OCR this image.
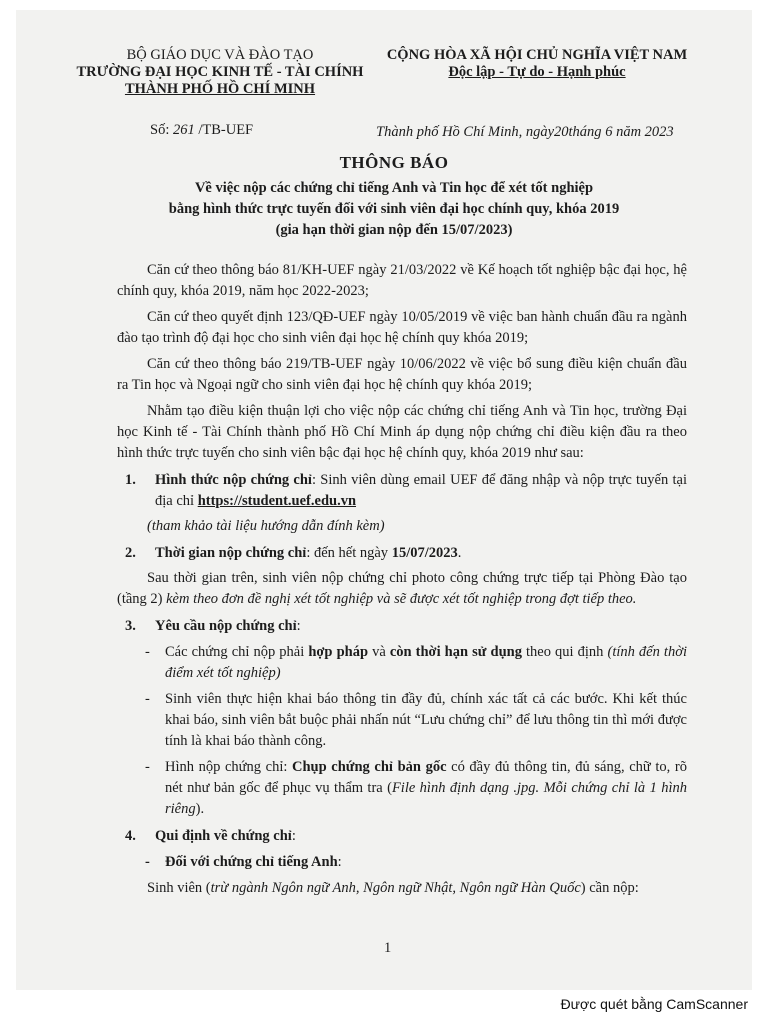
BỘ GIÁO DỤC VÀ ĐÀO TẠO
TRƯỜNG ĐẠI HỌC KINH TẾ - TÀI CHÍNH
THÀNH PHỐ HỒ CHÍ MINH
CỘNG HÒA XÃ HỘI CHỦ NGHĨA VIỆT NAM
Độc lập - Tự do - Hạnh phúc
Số: 261 /TB-UEF	Thành phố Hồ Chí Minh, ngày20tháng 6 năm 2023
THÔNG BÁO
Về việc nộp các chứng chỉ tiếng Anh và Tin học để xét tốt nghiệp
bằng hình thức trực tuyến đối với sinh viên đại học chính quy, khóa 2019
(gia hạn thời gian nộp đến 15/07/2023)

Căn cứ theo thông báo 81/KH-UEF ngày 21/03/2022 về Kế hoạch tốt nghiệp bậc đại học, hệ chính quy, khóa 2019, năm học 2022-2023;

Căn cứ theo quyết định 123/QĐ-UEF ngày 10/05/2019 về việc ban hành chuẩn đầu ra ngành đào tạo trình độ đại học cho sinh viên đại học hệ chính quy khóa 2019;

Căn cứ theo thông báo 219/TB-UEF ngày 10/06/2022 về việc bổ sung điều kiện chuẩn đầu ra Tin học và Ngoại ngữ cho sinh viên đại học hệ chính quy khóa 2019;

Nhằm tạo điều kiện thuận lợi cho việc nộp các chứng chỉ tiếng Anh và Tin học, trường Đại học Kinh tế - Tài Chính thành phố Hồ Chí Minh áp dụng nộp chứng chỉ điều kiện đầu ra theo hình thức trực tuyến cho sinh viên bậc đại học hệ chính quy, khóa 2019 như sau:

1.	Hình thức nộp chứng chỉ: Sinh viên dùng email UEF để đăng nhập và nộp trực tuyến tại địa chỉ https://student.uef.edu.vn

(tham khảo tài liệu hướng dẫn đính kèm)

2.	Thời gian nộp chứng chỉ: đến hết ngày 15/07/2023.

Sau thời gian trên, sinh viên nộp chứng chỉ photo công chứng trực tiếp tại Phòng Đào tạo (tầng 2) kèm theo đơn đề nghị xét tốt nghiệp và sẽ được xét tốt nghiệp trong đợt tiếp theo.

3.	Yêu cầu nộp chứng chỉ:
-	Các chứng chỉ nộp phải hợp pháp và còn thời hạn sử dụng theo qui định (tính đến thời điểm xét tốt nghiệp)
-	Sinh viên thực hiện khai báo thông tin đầy đủ, chính xác tất cả các bước. Khi kết thúc khai báo, sinh viên bắt buộc phải nhấn nút “Lưu chứng chỉ” để lưu thông tin thì mới được tính là khai báo thành công.
-	Hình nộp chứng chỉ: Chụp chứng chỉ bản gốc có đầy đủ thông tin, đủ sáng, chữ to, rõ nét như bản gốc để phục vụ thẩm tra (File hình định dạng .jpg. Mỗi chứng chỉ là 1 hình riêng).
4.	Qui định về chứng chỉ:
-	Đối với chứng chỉ tiếng Anh:

Sinh viên (trừ ngành Ngôn ngữ Anh, Ngôn ngữ Nhật, Ngôn ngữ Hàn Quốc) cần nộp:

1
Được quét bằng CamScanner
